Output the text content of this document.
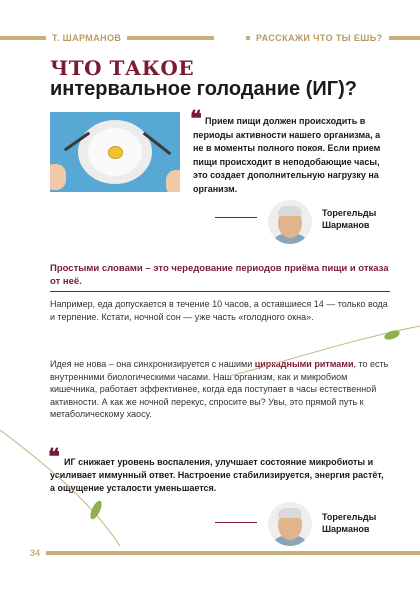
Т. ШАРМАНОВ	РАССКАЖИ ЧТО ТЫ ЕШЬ?
ЧТО ТАКОЕ
интервальное голодание (ИГ)?
❝ Прием пищи должен происходить в периоды активности нашего организма, а не в моменты полного покоя. Если прием пищи происходит в неподобающие часы, это создает дополнительную нагрузку на организм.
Торегельды
Шарманов
Простыми словами – это чередование периодов приёма пищи и отказа от неё.
Например, еда допускается в течение 10 часов, а оставшиеся 14 — только вода и терпение. Кстати, ночной сон — уже часть «голодного окна».
Идея не нова – она синхронизируется с нашими циркадными ритмами, то есть внутренними биологическими часами. Наш организм, как и микробиом кишечника, работает эффективнее, когда еда поступает в часы естественной активности. А как же ночной перекус, спросите вы? Увы, это прямой путь к метаболическому хаосу.
❝ ИГ снижает уровень воспаления, улучшает состояние микробиоты и усиливает иммунный ответ. Настроение стабилизируется, энергия растёт, а ощущение усталости уменьшается.
Торегельды
Шарманов
34
